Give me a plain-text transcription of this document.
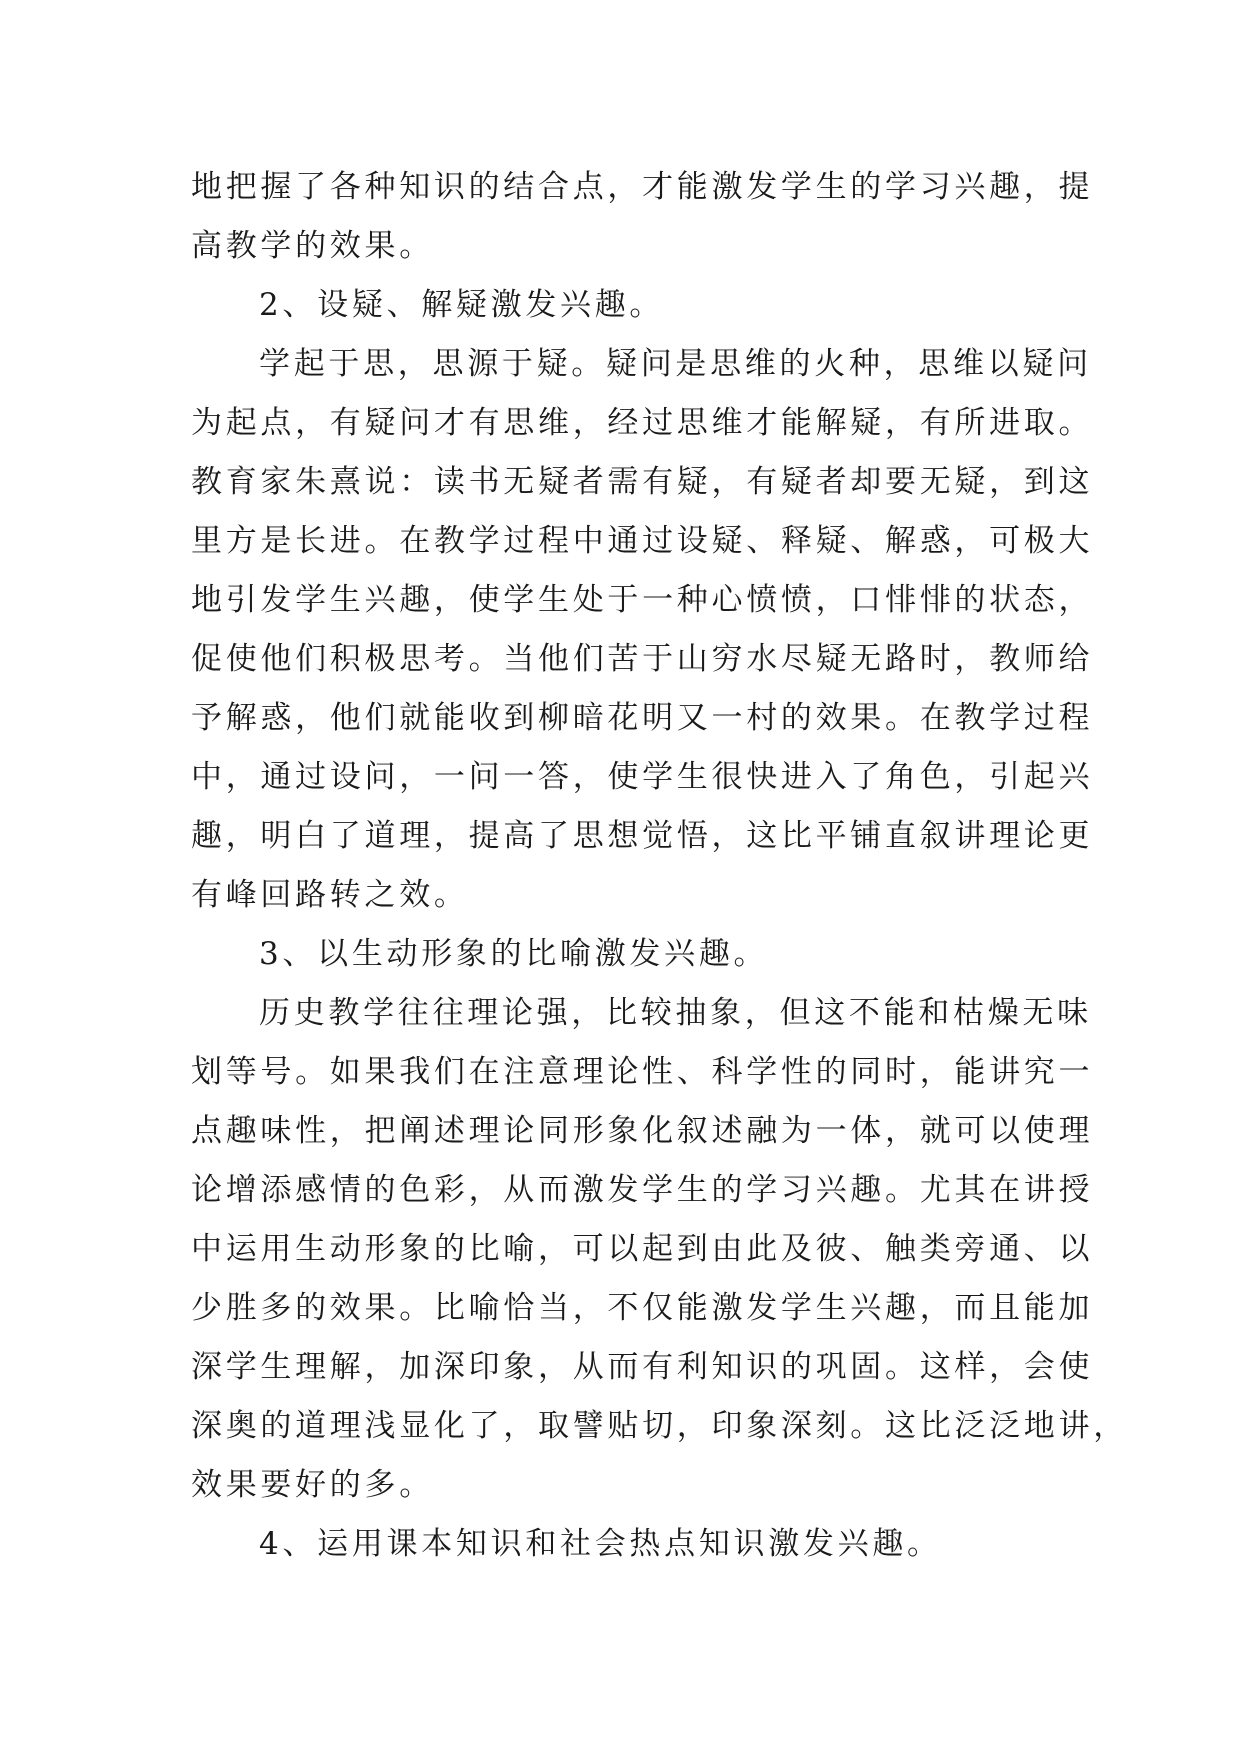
地把握了各种知识的结合点，才能激发学生的学习兴趣，提
高教学的效果。
2、设疑、解疑激发兴趣。
学起于思，思源于疑。疑问是思维的火种，思维以疑问
为起点，有疑问才有思维，经过思维才能解疑，有所进取。
教育家朱熹说：读书无疑者需有疑，有疑者却要无疑，到这
里方是长进。在教学过程中通过设疑、释疑、解惑，可极大
地引发学生兴趣，使学生处于一种心愤愤，口悱悱的状态，
促使他们积极思考。当他们苦于山穷水尽疑无路时，教师给
予解惑，他们就能收到柳暗花明又一村的效果。在教学过程
中，通过设问，一问一答，使学生很快进入了角色，引起兴
趣，明白了道理，提高了思想觉悟，这比平铺直叙讲理论更
有峰回路转之效。
3、以生动形象的比喻激发兴趣。
历史教学往往理论强，比较抽象，但这不能和枯燥无味
划等号。如果我们在注意理论性、科学性的同时，能讲究一
点趣味性，把阐述理论同形象化叙述融为一体，就可以使理
论增添感情的色彩，从而激发学生的学习兴趣。尤其在讲授
中运用生动形象的比喻，可以起到由此及彼、触类旁通、以
少胜多的效果。比喻恰当，不仅能激发学生兴趣，而且能加
深学生理解，加深印象，从而有利知识的巩固。这样，会使
深奥的道理浅显化了，取譬贴切，印象深刻。这比泛泛地讲，
效果要好的多。
4、运用课本知识和社会热点知识激发兴趣。
